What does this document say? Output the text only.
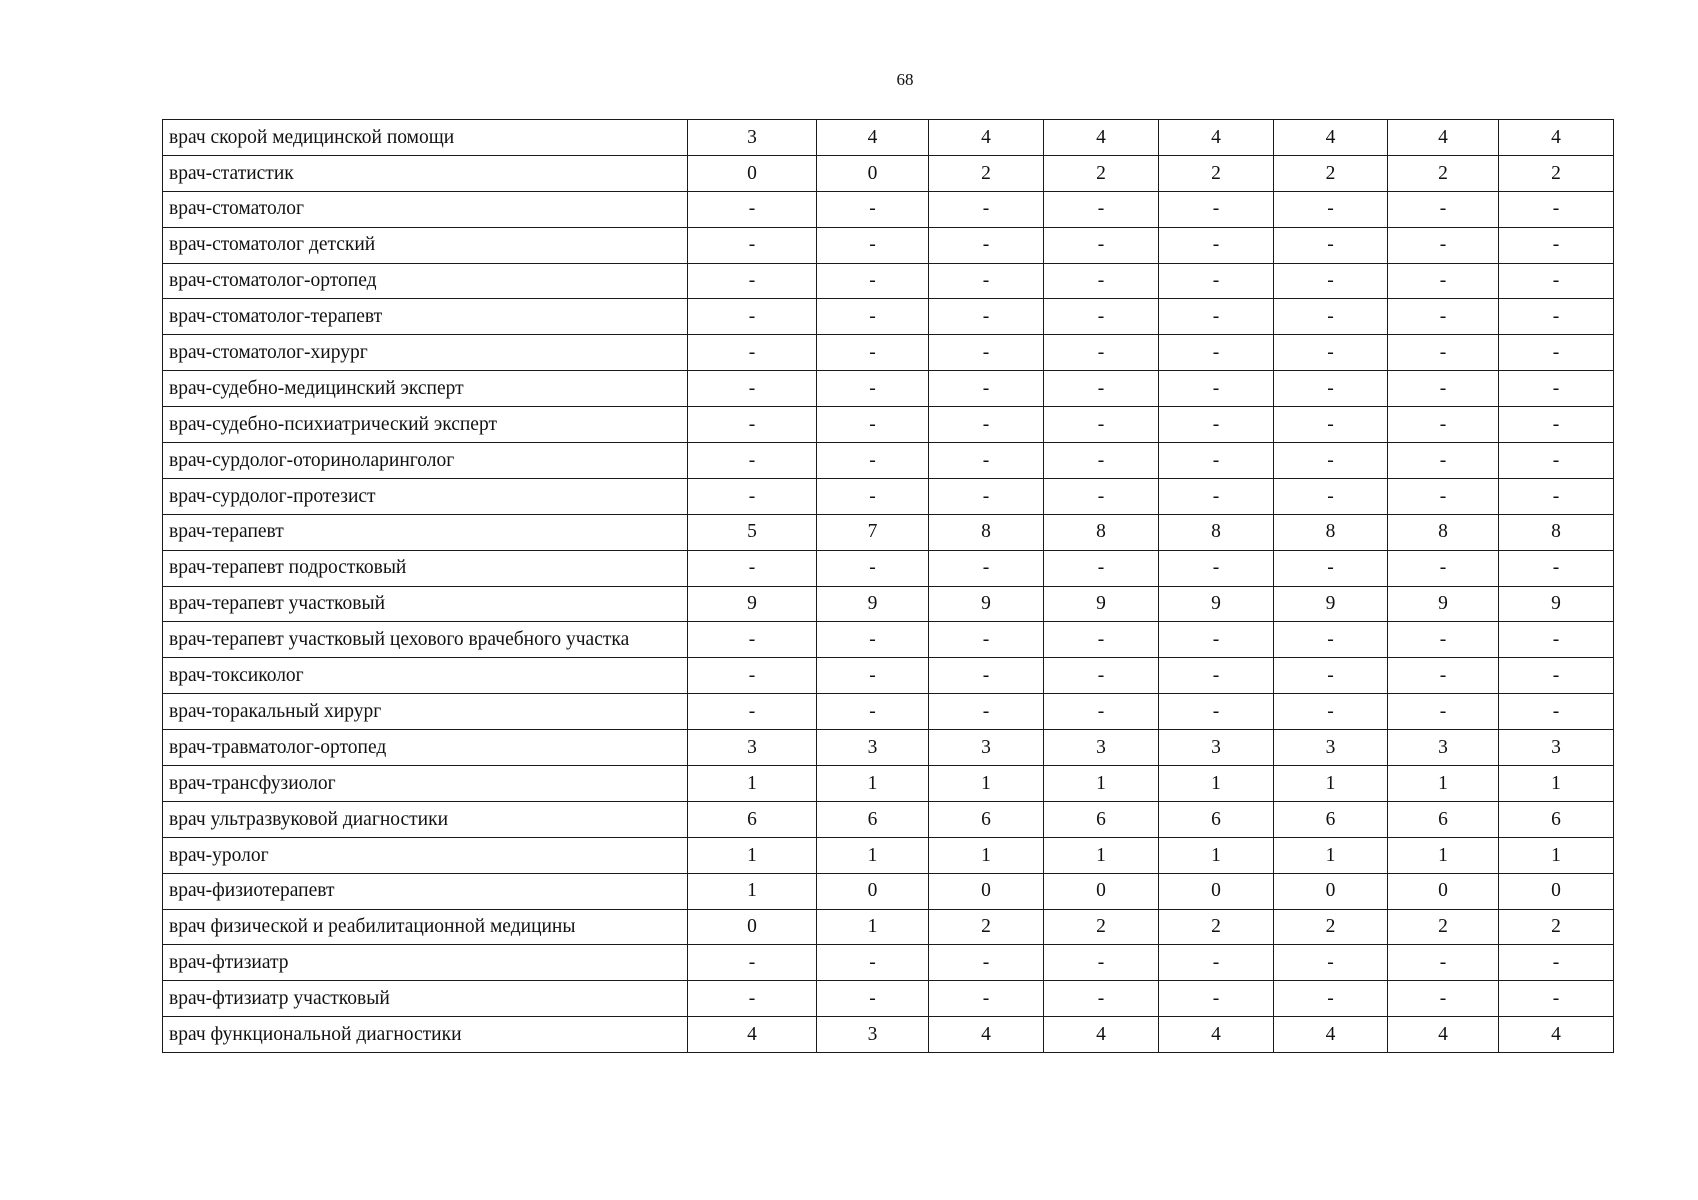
68
врач скорой медицинской помощи	3	4	4	4	4	4	4	4
врач-статистик	0	0	2	2	2	2	2	2
врач-стоматолог	-	-	-	-	-	-	-	-
врач-стоматолог детский	-	-	-	-	-	-	-	-
врач-стоматолог-ортопед	-	-	-	-	-	-	-	-
врач-стоматолог-терапевт	-	-	-	-	-	-	-	-
врач-стоматолог-хирург	-	-	-	-	-	-	-	-
врач-судебно-медицинский эксперт	-	-	-	-	-	-	-	-
врач-судебно-психиатрический эксперт	-	-	-	-	-	-	-	-
врач-сурдолог-оториноларинголог	-	-	-	-	-	-	-	-
врач-сурдолог-протезист	-	-	-	-	-	-	-	-
врач-терапевт	5	7	8	8	8	8	8	8
врач-терапевт подростковый	-	-	-	-	-	-	-	-
врач-терапевт участковый	9	9	9	9	9	9	9	9
врач-терапевт участковый цехового врачебного участка	-	-	-	-	-	-	-	-
врач-токсиколог	-	-	-	-	-	-	-	-
врач-торакальный хирург	-	-	-	-	-	-	-	-
врач-травматолог-ортопед	3	3	3	3	3	3	3	3
врач-трансфузиолог	1	1	1	1	1	1	1	1
врач ультразвуковой диагностики	6	6	6	6	6	6	6	6
врач-уролог	1	1	1	1	1	1	1	1
врач-физиотерапевт	1	0	0	0	0	0	0	0
врач физической и реабилитационной медицины	0	1	2	2	2	2	2	2
врач-фтизиатр	-	-	-	-	-	-	-	-
врач-фтизиатр участковый	-	-	-	-	-	-	-	-
врач функциональной диагностики	4	3	4	4	4	4	4	4
